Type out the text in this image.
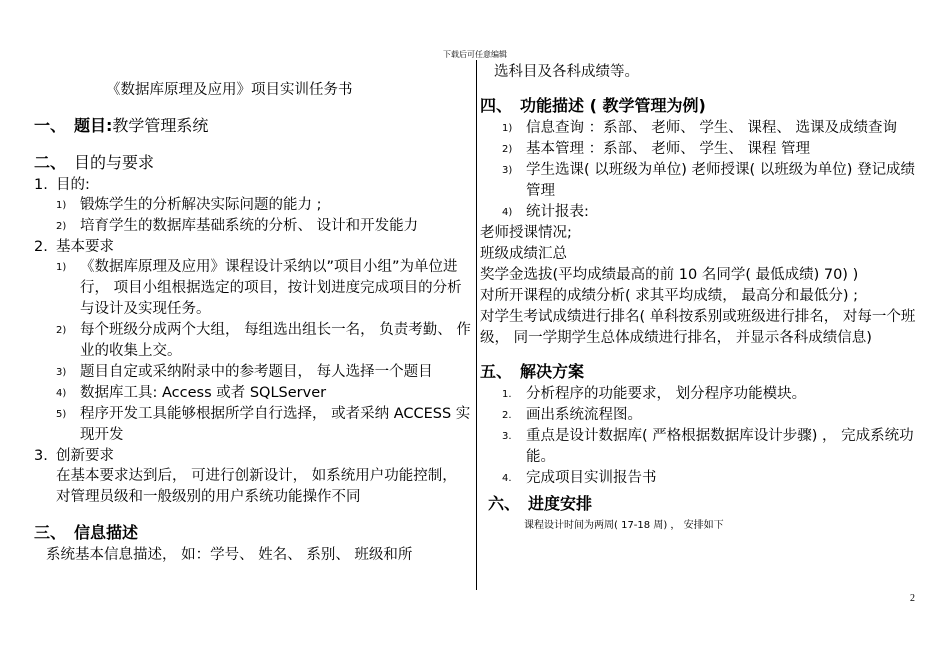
下载后可任意编辑
《数据库原理及应用》项目实训任务书
一、 题目: 教学管理系统
二、 目的与要求
1. 目的:
1) 锻炼学生的分析解决实际问题的能力 ;
2) 培育学生的数据库基础系统的分析、 设计和开发能力
2. 基本要求
1) 《数据库原理及应用》课程设计采纳以”项目小组”为单位进行， 项目小组根据选定的项目，按计划进度完成项目的分析与设计及实现任务。
2) 每个班级分成两个大组， 每组选出组长一名， 负责考勤、 作业的收集上交。
3) 题目自定或采纳附录中的参考题目， 每人选择一个题目
4) 数据库工具: Access 或者 SQLServer
5) 程序开发工具能够根据所学自行选择， 或者采纳 ACCESS 实现开发
3. 创新要求
在基本要求达到后， 可进行创新设计， 如系统用户功能控制， 对管理员级和一般级别的用户系统功能操作不同
三、 信息描述
系统基本信息描述， 如：学号、 姓名、 系别、 班级和所
选科目及各科成绩等。
四、 功能描述 ( 教学管理为例)
1) 信息查询 ：系部、 老师、 学生、 课程、 选课及成绩查询
2) 基本管理 ：系部、 老师、 学生、 课程 管理
3) 学生选课( 以班级为单位) 老师授课( 以班级为单位) 登记成绩 管理
4) 统计报表:
老师授课情况;
班级成绩汇总
奖学金选拔(平均成绩最高的前 10 名同学( 最低成绩) 70) )
对所开课程的成绩分析( 求其平均成绩， 最高分和最低分) ;
对学生考试成绩进行排名( 单科按系别或班级进行排名， 对每一个班级， 同一学期学生总体成绩进行排名， 并显示各科成绩信息)
五、 解决方案
1. 分析程序的功能要求， 划分程序功能模块。
2. 画出系统流程图。
3. 重点是设计数据库( 严格根据数据库设计步骤) ， 完成系统功能。
4. 完成项目实训报告书
六、 进度安排
课程设计时间为两周( 17-18 周) ， 安排如下
2
